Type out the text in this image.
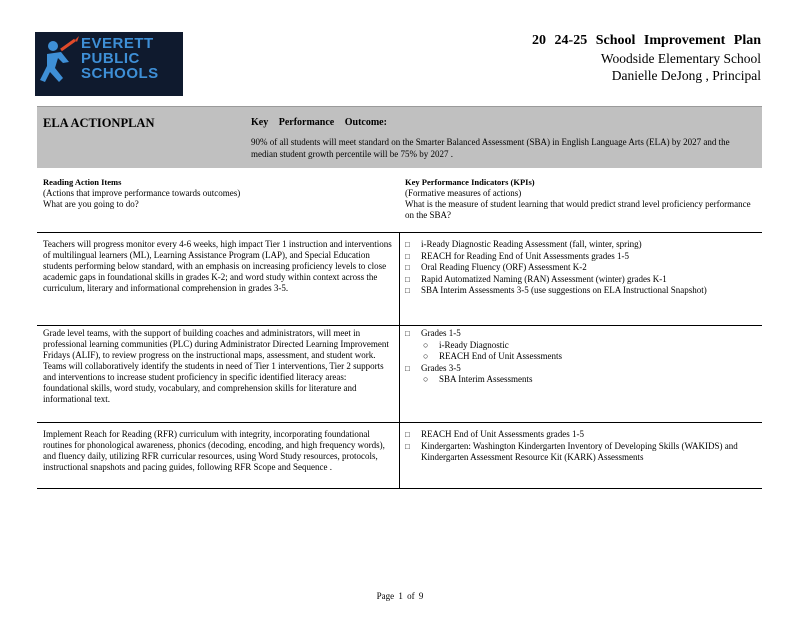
EVERETT
PUBLIC
SCHOOLS
20 24-25 School Improvement Plan
Woodside Elementary School
Danielle DeJong , Principal
ELA ACTIONPLAN	Key Performance Outcome:
90% of all students will meet standard on the Smarter Balanced Assessment (SBA) in English Language Arts (ELA) by 2027 and the median student growth percentile will be 75% by 2027 .
Reading Action Items
(Actions that improve performance towards outcomes)
What are you going to do?
Key Performance Indicators (KPIs)
(Formative measures of actions)
What is the measure of student learning that would predict strand level proficiency performance on the SBA?
Teachers will progress monitor every 4-6 weeks, high impact Tier 1 instruction and interventions of multilingual learners (ML), Learning Assistance Program (LAP), and Special Education students performing below standard, with an emphasis on increasing proficiency levels to close academic gaps in foundational skills in grades K-2; and word study within context across the curriculum, literary and informational comprehension in grades 3-5.
□ i-Ready Diagnostic Reading Assessment (fall, winter, spring)
□ REACH for Reading End of Unit Assessments grades 1-5
□ Oral Reading Fluency (ORF) Assessment K-2
□ Rapid Automatized Naming (RAN) Assessment (winter) grades K-1
□ SBA Interim Assessments 3-5 (use suggestions on ELA Instructional Snapshot)
Grade level teams, with the support of building coaches and administrators, will meet in professional learning communities (PLC) during Administrator Directed Learning Improvement Fridays (ALIF), to review progress on the instructional maps, assessment, and student work. Teams will collaboratively identify the students in need of Tier 1 interventions, Tier 2 supports and interventions to increase student proficiency in specific identified literacy areas: foundational skills, word study, vocabulary, and comprehension skills for literature and informational text.
□ Grades 1-5
○ i-Ready Diagnostic
○ REACH End of Unit Assessments
□ Grades 3-5
○ SBA Interim Assessments
Implement Reach for Reading (RFR) curriculum with integrity, incorporating foundational routines for phonological awareness, phonics (decoding, encoding, and high frequency words), and fluency daily, utilizing RFR curricular resources, using Word Study resources, protocols, instructional snapshots and pacing guides, following RFR Scope and Sequence .
□ REACH End of Unit Assessments grades 1-5
□ Kindergarten: Washington Kindergarten Inventory of Developing Skills (WAKIDS) and Kindergarten Assessment Resource Kit (KARK) Assessments
Page 1 of 9
